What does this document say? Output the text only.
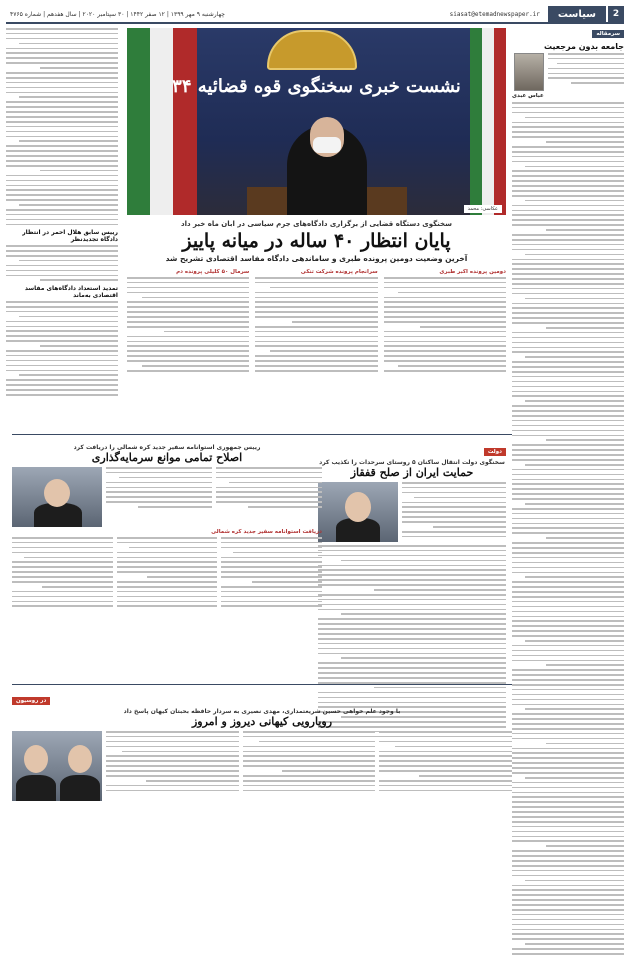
2
سیاست
siasat@etemadnewspaper.ir
چهارشنبه ۹ مهر ۱۳۹۹ | ۱۲ صفر ۱۴۴۲ | ۳۰ سپتامبر ۲۰۲۰ | سال هفدهم | شماره ۴۷۶۵
سرمقاله
جامعه بدون مرجعیت
عباس عبدی
نشست خبری سخنگوی قوه قضائیه ۳۴
عکاسی: محمد
رییس سابق هلال احمر در انتظار دادگاه تجدیدنظر
تمدید استعداد دادگاه‌های مفاسد اقتصادی به‌ماند
سخنگوی دستگاه قضایی از برگزاری دادگاه‌های جرم سیاسی در ابان ماه خبر داد
پایان انتظار ۴۰ ساله در میانه پاییز
آخرین وضعیت دومین پرونده طبری و ساماندهی دادگاه مفاسد اقتصادی تشریح شد
دومین پرونده اکبر طبری
سرانجام پرونده شرکت تنکی
سرمال ۵۰ کلیلی پرونده دم
دولت
سخنگوی دولت انتقال ساکنان ۵ روستای سرحدات را تکذیب کرد
حمایت ایران از صلح قفقاز
رییس جمهوری استوانامه سفیر جدید کره شمالی را دریافت کرد
اصلاح تمامی موانع سرمایه‌گذاری
دریافت استوانامه سفیر جدید کره شمالی
در روسیون
با وجود علم خواهی حسین شریعتمداری، مهدی نصیری به سردار حافظه بحبتان کیهان پاسخ داد
رویارویی کیهانی دیروز و امروز
